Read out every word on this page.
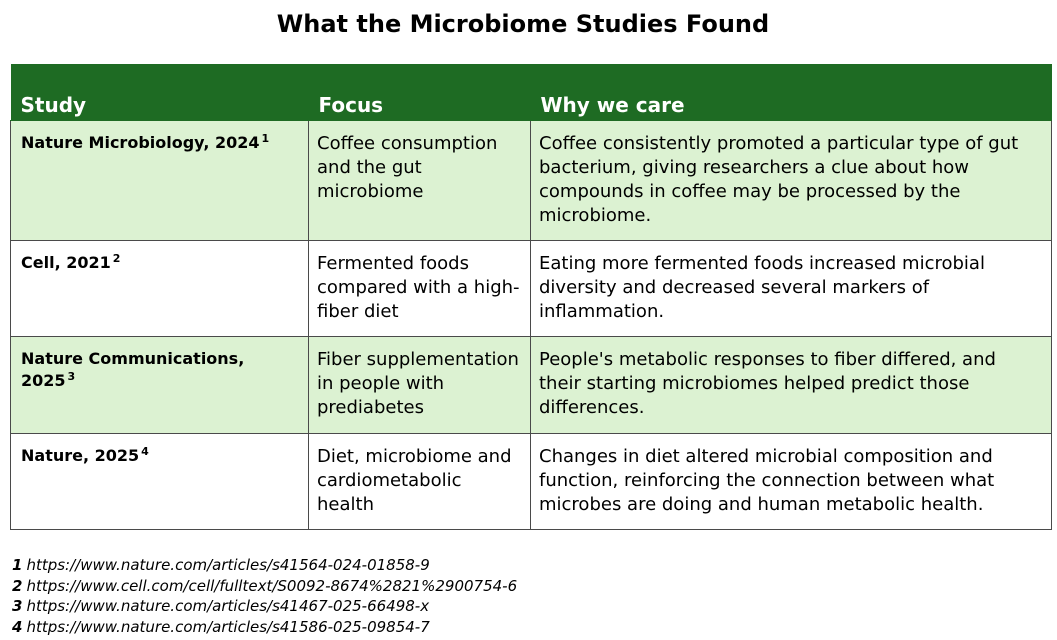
What the Microbiome Studies Found
Study	Focus	Why we care
Nature Microbiology, 2024 $^1$	Coffee consumption and the gut microbiome	Coffee consistently promoted a particular type of gut bacterium, giving researchers a clue about how compounds in coffee may be processed by the microbiome.
Cell, 2021 $^2$	Fermented foods compared with a high-fiber diet	Eating more fermented foods increased microbial diversity and decreased several markers of inflammation.
Nature Communications, 2025 $^3$	Fiber supplementation in people with prediabetes	People's metabolic responses to fiber differed, and their starting microbiomes helped predict those differences.
Nature, 2025 $^4$	Diet, microbiome and cardiometabolic health	Changes in diet altered microbial composition and function, reinforcing the connection between what microbes are doing and human metabolic health.
1 https://www.nature.com/articles/s41564-024-01858-9
2 https://www.cell.com/cell/fulltext/S0092-8674%2821%2900754-6
3 https://www.nature.com/articles/s41467-025-66498-x
4 https://www.nature.com/articles/s41586-025-09854-7
